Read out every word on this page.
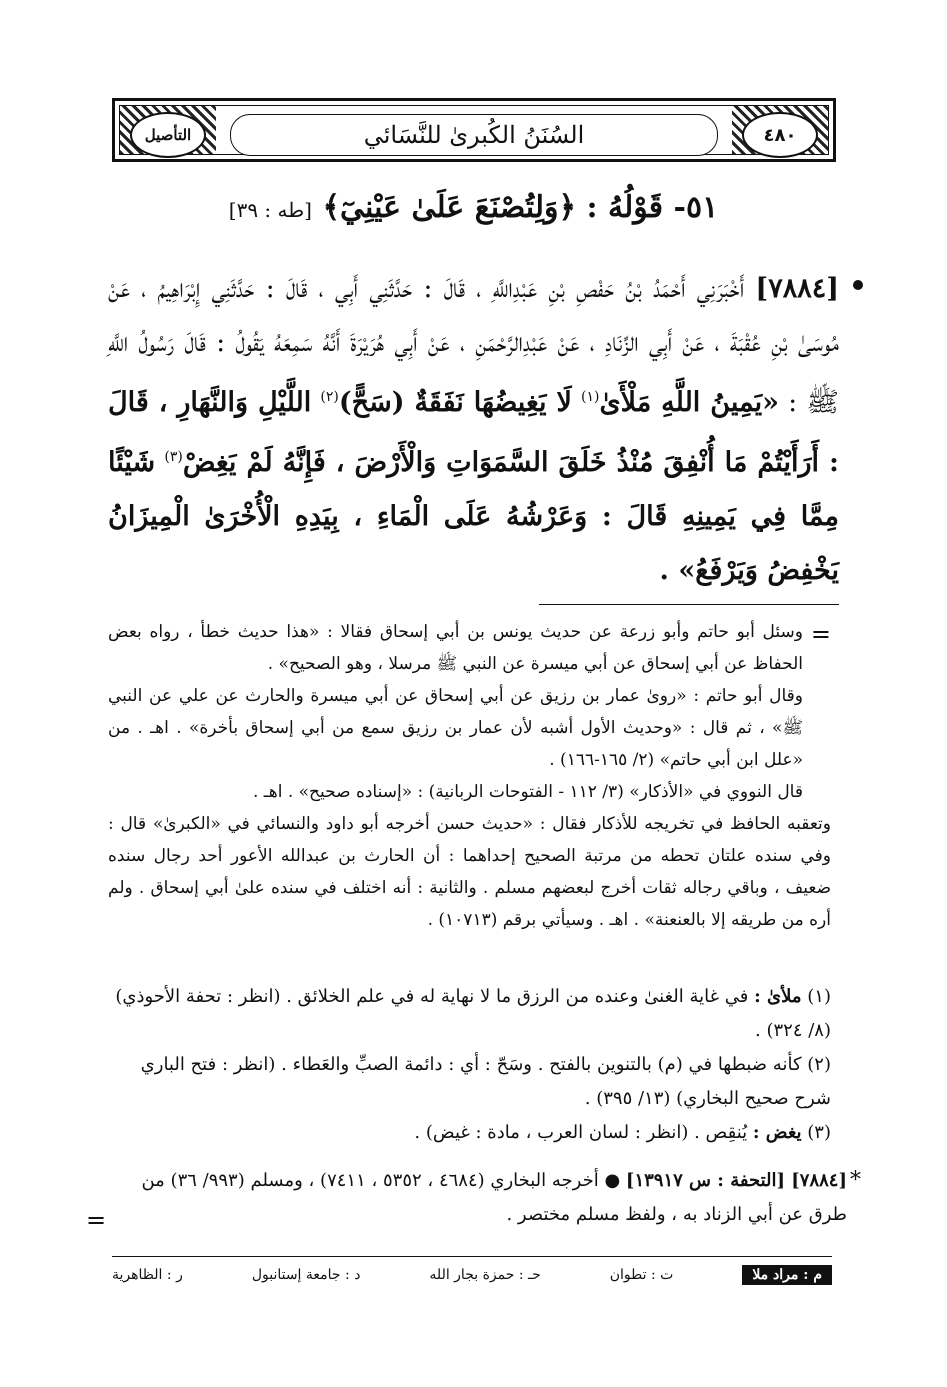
التأصيل	٤٨٠
السُنَنُ الكُبرىٰ للنَّسَائي
٥١- قَوْلُهُ : ﴿وَلِتُصْنَعَ عَلَىٰ عَيْنِيٓ﴾ [طه : ٣٩]
[٧٨٨٤] أَخْبَرَنِي أَحْمَدُ بْنُ حَفْصِ بْنِ عَبْدِاللَّهِ ، قَالَ : حَدَّثَنِي أَبِي ، قَالَ : حَدَّثَنِي إِبْرَاهِيمُ ، عَنْ مُوسَىٰ بْنِ عُقْبَةَ ، عَنْ أَبِي الزِّنَادِ ، عَنْ عَبْدِالرَّحْمَنِ ، عَنْ أَبِي هُرَيْرَةَ أَنَّهُ سَمِعَهُ يَقُولُ : قَالَ رَسُولُ اللَّهِ ﷺ : «يَمِينُ اللَّهِ مَلْأَىٰ$^{(١)}$ لَا يَغِيضُهَا نَفَقَةٌ (سَحًّ)$^{(٢)}$ اللَّيْلِ وَالنَّهَارِ ، قَالَ : أَرَأَيْتُمْ مَا أُنْفِقَ مُنْذُ خَلَقَ السَّمَوَاتِ وَالْأَرْضَ ، فَإِنَّهُ لَمْ يَغِضْ$^{(٣)}$ شَيْئًا مِمَّا فِي يَمِينِهِ قَالَ : وَعَرْشُهُ عَلَى الْمَاءِ ، بِيَدِهِ الْأُخْرَىٰ الْمِيزَانُ يَخْفِضُ وَيَرْفَعُ» .
=

وسئل أبو حاتم وأبو زرعة عن حديث يونس بن أبي إسحاق فقالا : «هذا حديث خطأ ، رواه بعض الحفاظ عن أبي إسحاق عن أبي ميسرة عن النبي ﷺ مرسلا ، وهو الصحيح» .

وقال أبو حاتم : «روىٰ عمار بن رزيق عن أبي إسحاق عن أبي ميسرة والحارث عن علي عن النبي ﷺ» ، ثم قال : «وحديث الأول أشبه لأن عمار بن رزيق سمع من أبي إسحاق بأخرة» . اهـ . من «علل ابن أبي حاتم» (٢/ ١٦٥-١٦٦) .

قال النووي في «الأذكار» (٣/ ١١٢ - الفتوحات الربانية) : «إسناده صحيح» . اهـ .

وتعقبه الحافظ في تخريجه للأذكار فقال : «حديث حسن أخرجه أبو داود والنسائي في «الكبرىٰ» قال : وفي سنده علتان تحطه من مرتبة الصحيح إحداهما : أن الحارث بن عبدالله الأعور أحد رجال سنده ضعيف ، وباقي رجاله ثقات أخرج لبعضهم مسلم . والثانية : أنه اختلف في سنده علىٰ أبي إسحاق . ولم أره من طريقه إلا بالعنعنة» . اهـ . وسيأتي برقم (١٠٧١٣) .

(١) ملأىٰ : في غاية الغنىٰ وعنده من الرزق ما لا نهاية له في علم الخلائق . (انظر : تحفة الأحوذي) (٨/ ٣٢٤) .

(٢) كأنه ضبطها في (م) بالتنوين بالفتح . وسَحّ : أي : دائمة الصبِّ والعَطاء . (انظر : فتح الباري شرح صحيح البخاري) (١٣/ ٣٩٥) .

(٣) يغض : يُنقِص . (انظر : لسان العرب ، مادة : غيض) .

*

[٧٨٨٤] [التحفة : س ١٣٩١٧] ● أخرجه البخاري (٤٦٨٤ ، ٥٣٥٢ ، ٧٤١١) ، ومسلم (٩٩٣/ ٣٦) من طرق عن أبي الزناد به ، ولفظ مسلم مختصر .

=
م : مراد ملا
ت : تطوان
حـ : حمزة بجار الله
د : جامعة إستانبول
ر : الظاهرية
